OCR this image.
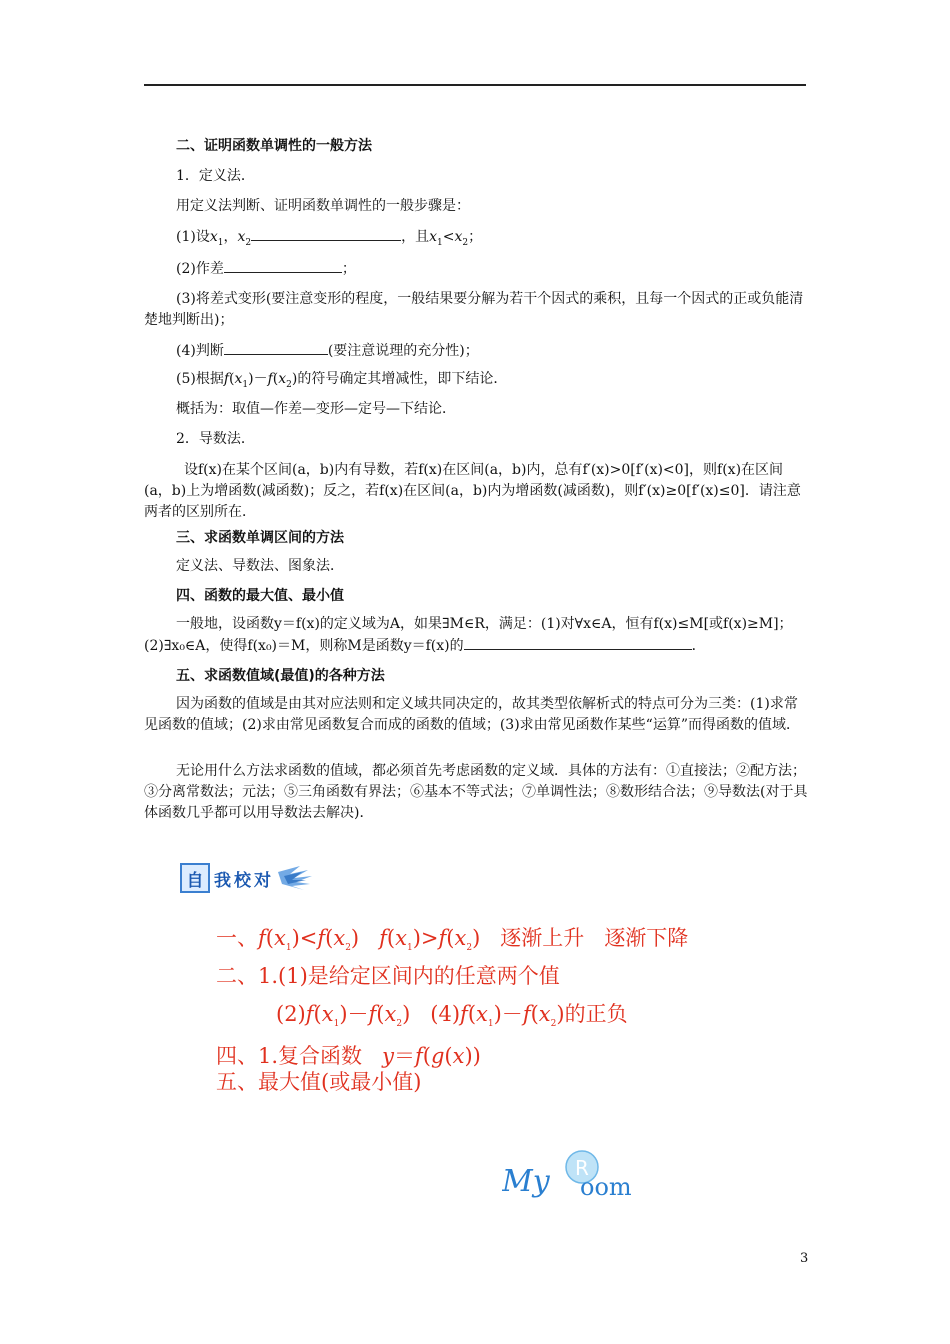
二、证明函数单调性的一般方法
1．定义法．
用定义法判断、证明函数单调性的一般步骤是：
(1)设$x_1$，$x_2$	，且$x_1<x_2$；
(2)作差	；
(3)将差式变形(要注意变形的程度，一般结果要分解为若干个因式的乘积，且每一个因式的正或负能清楚地判断出)；
(4)判断	(要注意说理的充分性)；
(5)根据$f(x_1)-f(x_2)$的符号确定其增减性，即下结论．
概括为：取值—作差—变形—定号—下结论．
2．导数法．
设f(x)在某个区间(a，b)内有导数，若f(x)在区间(a，b)内，总有f′(x)>0[f′(x)<0]，则f(x)在区间(a，b)上为增函数(减函数)；反之，若f(x)在区间(a，b)内为增函数(减函数)，则f′(x)≥0[f′(x)≤0]．请注意两者的区别所在．
三、求函数单调区间的方法
定义法、导数法、图象法．
四、函数的最大值、最小值
一般地，设函数y＝f(x)的定义域为A，如果∃M∈R，满足：(1)对∀x∈A，恒有f(x)≤M[或f(x)≥M]；(2)∃x₀∈A，使得f(x₀)＝M，则称M是函数y＝f(x)的	．
五、求函数值域(最值)的各种方法
因为函数的值域是由其对应法则和定义域共同决定的，故其类型依解析式的特点可分为三类：(1)求常见函数的值域；(2)求由常见函数复合而成的函数的值域；(3)求由常见函数作某些“运算”而得函数的值域．
无论用什么方法求函数的值域，都必须首先考虑函数的定义域．具体的方法有：①直接法；②配方法；③分离常数法；元法；⑤三角函数有界法；⑥基本不等式法；⑦单调性法；⑧数形结合法；⑨导数法(对于具体函数几乎都可以用导数法去解决)．
自 我校对
一、$f(x_1)<f(x_2)$   $f(x_1)>f(x_2)$   逐渐上升 逐渐下降
二、1.(1)是给定区间内的任意两个值
$(2)f(x_1)-f(x_2)$   $(4)f(x_1)-f(x_2)$的正负
四、1.复合函数 y＝f(g(x))
五、最大值(或最小值)
My R
oom
3
